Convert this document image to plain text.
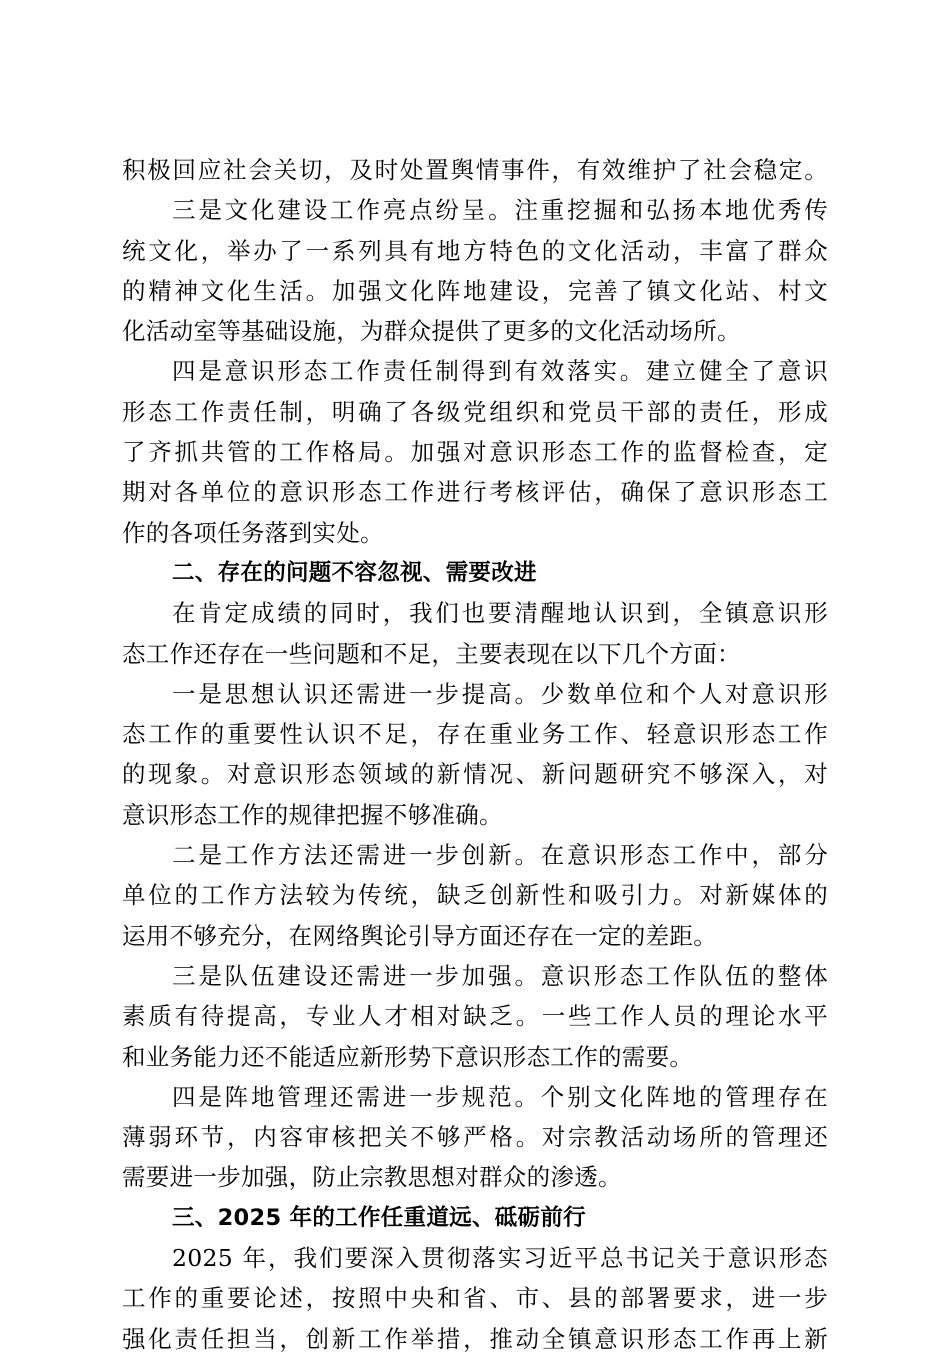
积极回应社会关切，及时处置舆情事件，有效维护了社会稳定。
三是文化建设工作亮点纷呈。注重挖掘和弘扬本地优秀传
统文化，举办了一系列具有地方特色的文化活动，丰富了群众
的精神文化生活。加强文化阵地建设，完善了镇文化站、村文
化活动室等基础设施，为群众提供了更多的文化活动场所。
四是意识形态工作责任制得到有效落实。建立健全了意识
形态工作责任制，明确了各级党组织和党员干部的责任，形成
了齐抓共管的工作格局。加强对意识形态工作的监督检查，定
期对各单位的意识形态工作进行考核评估，确保了意识形态工
作的各项任务落到实处。
二、存在的问题不容忽视、需要改进
在肯定成绩的同时，我们也要清醒地认识到，全镇意识形
态工作还存在一些问题和不足，主要表现在以下几个方面：
一是思想认识还需进一步提高。少数单位和个人对意识形
态工作的重要性认识不足，存在重业务工作、轻意识形态工作
的现象。对意识形态领域的新情况、新问题研究不够深入，对
意识形态工作的规律把握不够准确。
二是工作方法还需进一步创新。在意识形态工作中，部分
单位的工作方法较为传统，缺乏创新性和吸引力。对新媒体的
运用不够充分，在网络舆论引导方面还存在一定的差距。
三是队伍建设还需进一步加强。意识形态工作队伍的整体
素质有待提高，专业人才相对缺乏。一些工作人员的理论水平
和业务能力还不能适应新形势下意识形态工作的需要。
四是阵地管理还需进一步规范。个别文化阵地的管理存在
薄弱环节，内容审核把关不够严格。对宗教活动场所的管理还
需要进一步加强，防止宗教思想对群众的渗透。
三、2025 年的工作任重道远、砥砺前行
2025 年，我们要深入贯彻落实习近平总书记关于意识形态
工作的重要论述，按照中央和省、市、县的部署要求，进一步
强化责任担当，创新工作举措，推动全镇意识形态工作再上新
